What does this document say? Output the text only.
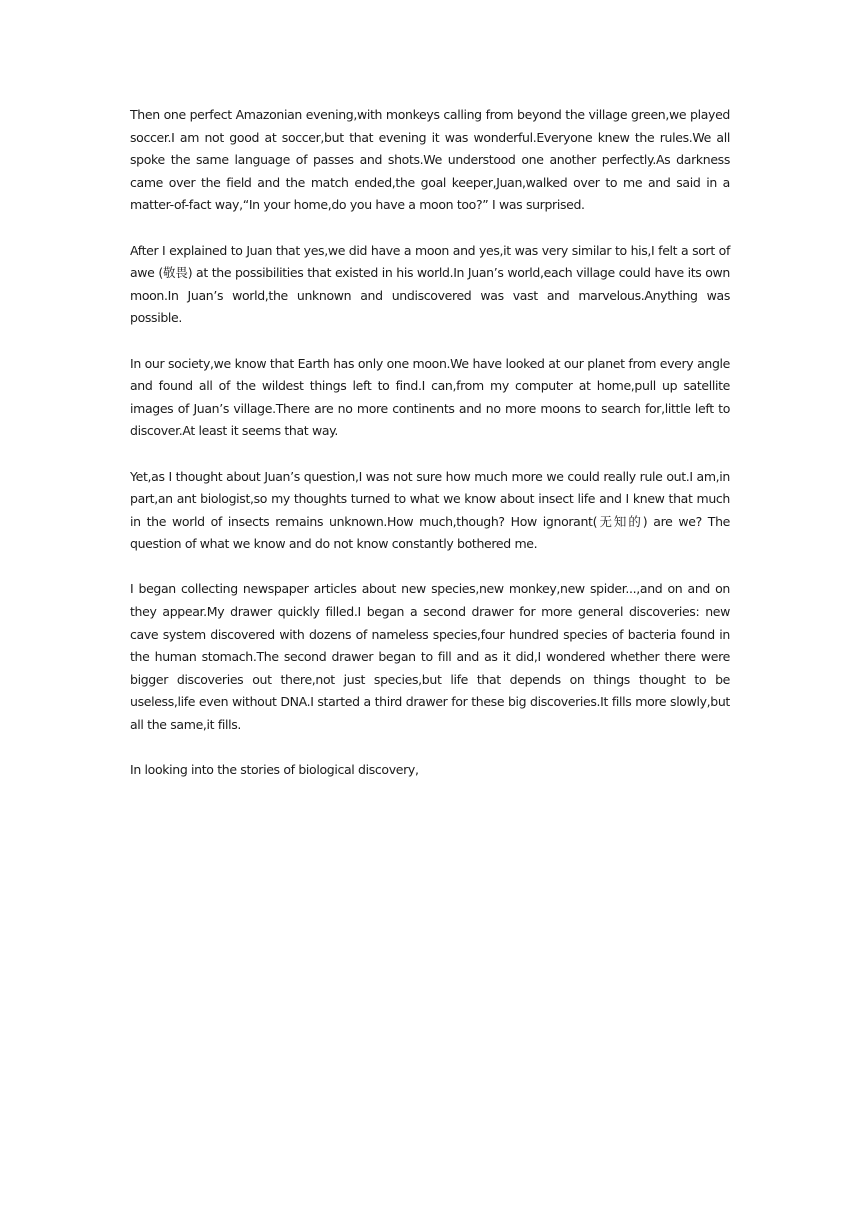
Then one perfect Amazonian evening,with monkeys calling from beyond the village green,we played soccer.I am not good at soccer,but that evening it was wonderful.Everyone knew the rules.We all spoke the same language of passes and shots.We understood one another perfectly.As darkness came over the field and the match ended,the goal keeper,Juan,walked over to me and said in a matter-of-fact way,“In your home,do you have a moon too?” I was surprised.

After I explained to Juan that yes,we did have a moon and yes,it was very similar to his,I felt a sort of awe (敬畏) at the possibilities that existed in his world.In Juan’s world,each village could have its own moon.In Juan’s world,the unknown and undiscovered was vast and marvelous.Anything was possible.

In our society,we know that Earth has only one moon.We have looked at our planet from every angle and found all of the wildest things left to find.I can,from my computer at home,pull up satellite images of Juan’s village.There are no more continents and no more moons to search for,little left to discover.At least it seems that way.

Yet,as I thought about Juan’s question,I was not sure how much more we could really rule out.I am,in part,an ant biologist,so my thoughts turned to what we know about insect life and I knew that much in the world of insects remains unknown.How much,though? How ignorant(无知的) are we? The question of what we know and do not know constantly bothered me.

I began collecting newspaper articles about new species,new monkey,new spider...,and on and on they appear.My drawer quickly filled.I began a second drawer for more general discoveries: new cave system discovered with dozens of nameless species,four hundred species of bacteria found in the human stomach.The second drawer began to fill and as it did,I wondered whether there were bigger discoveries out there,not just species,but life that depends on things thought to be useless,life even without DNA.I started a third drawer for these big discoveries.It fills more slowly,but all the same,it fills.

In looking into the stories of biological discovery,
